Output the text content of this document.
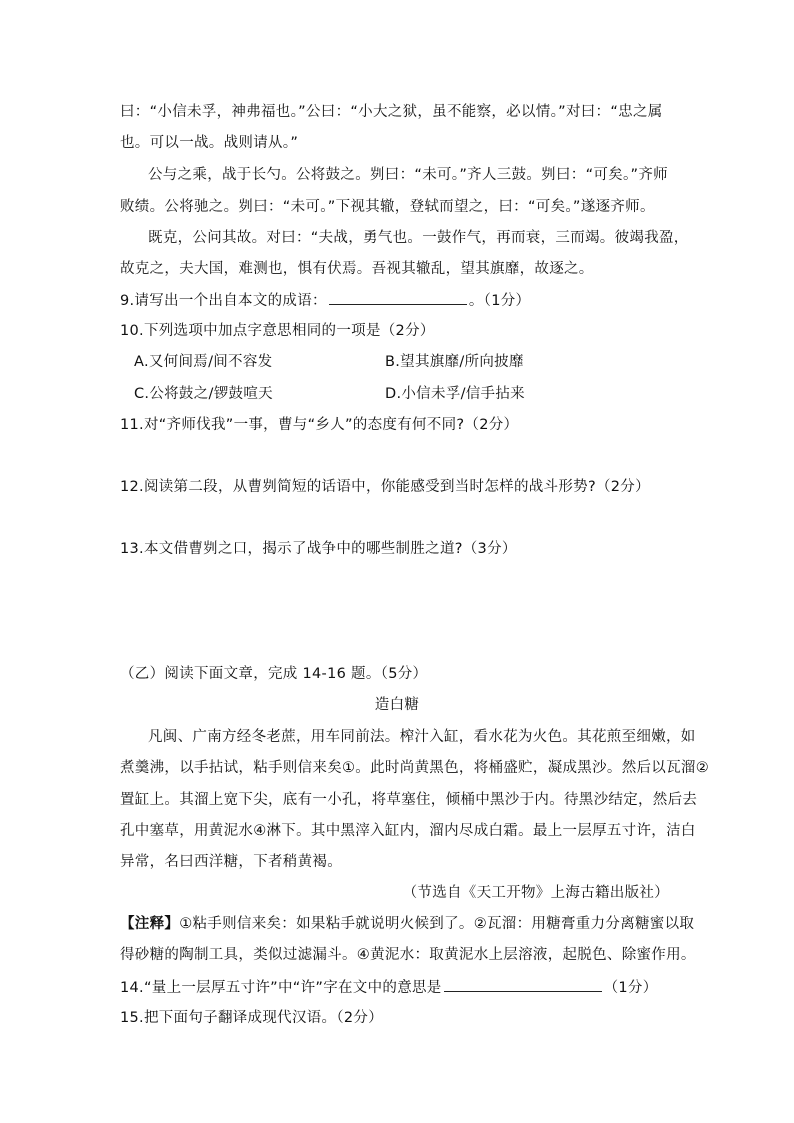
曰：“小信未孚，神弗福也。”公曰：“小大之狱，虽不能察，必以情。”对曰：“忠之属
也。可以一战。战则请从。”
公与之乘，战于长勺。公将鼓之。刿曰：“未可。”齐人三鼓。刿曰：“可矣。”齐师
败绩。公将驰之。刿曰：“未可。”下视其辙，登轼而望之，曰：“可矣。”遂逐齐师。
既克，公问其故。对曰：“夫战，勇气也。一鼓作气，再而衰，三而竭。彼竭我盈，
故克之，夫大国，难测也，惧有伏焉。吾视其辙乱，望其旗靡，故逐之。
9.请写出一个出自本文的成语：	。（1分）
10.下列选项中加点字意思相同的一项是（2分）
A.又何间焉/间不容发	B.望其旗靡/所向披靡
C.公将鼓之/锣鼓喧天	D.小信未孚/信手拈来
11.对“齐师伐我”一事，曹与“乡人”的态度有何不同?（2分）
12.阅读第二段，从曹刿简短的话语中，你能感受到当时怎样的战斗形势?（2分）
13.本文借曹刿之口，揭示了战争中的哪些制胜之道?（3分）
（乙）阅读下面文章，完成 14-16 题。（5分）
造白糖
凡闽、广南方经冬老蔗，用车同前法。榨汁入缸，看水花为火色。其花煎至细嫩，如
煮羹沸，以手拈试，粘手则信来矣①。此时尚黄黑色，将桶盛贮，凝成黑沙。然后以瓦溜②
置缸上。其溜上宽下尖，底有一小孔，将草塞住，倾桶中黑沙于内。待黑沙结定，然后去
孔中塞草，用黄泥水④淋下。其中黑滓入缸内，溜内尽成白霜。最上一层厚五寸许，洁白
异常，名曰西洋糖，下者稍黄褐。
（节选自《天工开物》上海古籍出版社）
【注释】①粘手则信来矣：如果粘手就说明火候到了。②瓦溜：用糖膏重力分离糖蜜以取
得砂糖的陶制工具，类似过滤漏斗。④黄泥水：取黄泥水上层溶液，起脱色、除蜜作用。
14.“量上一层厚五寸许”中“许”字在文中的意思是	（1分）
15.把下面句子翻译成现代汉语。（2分）
